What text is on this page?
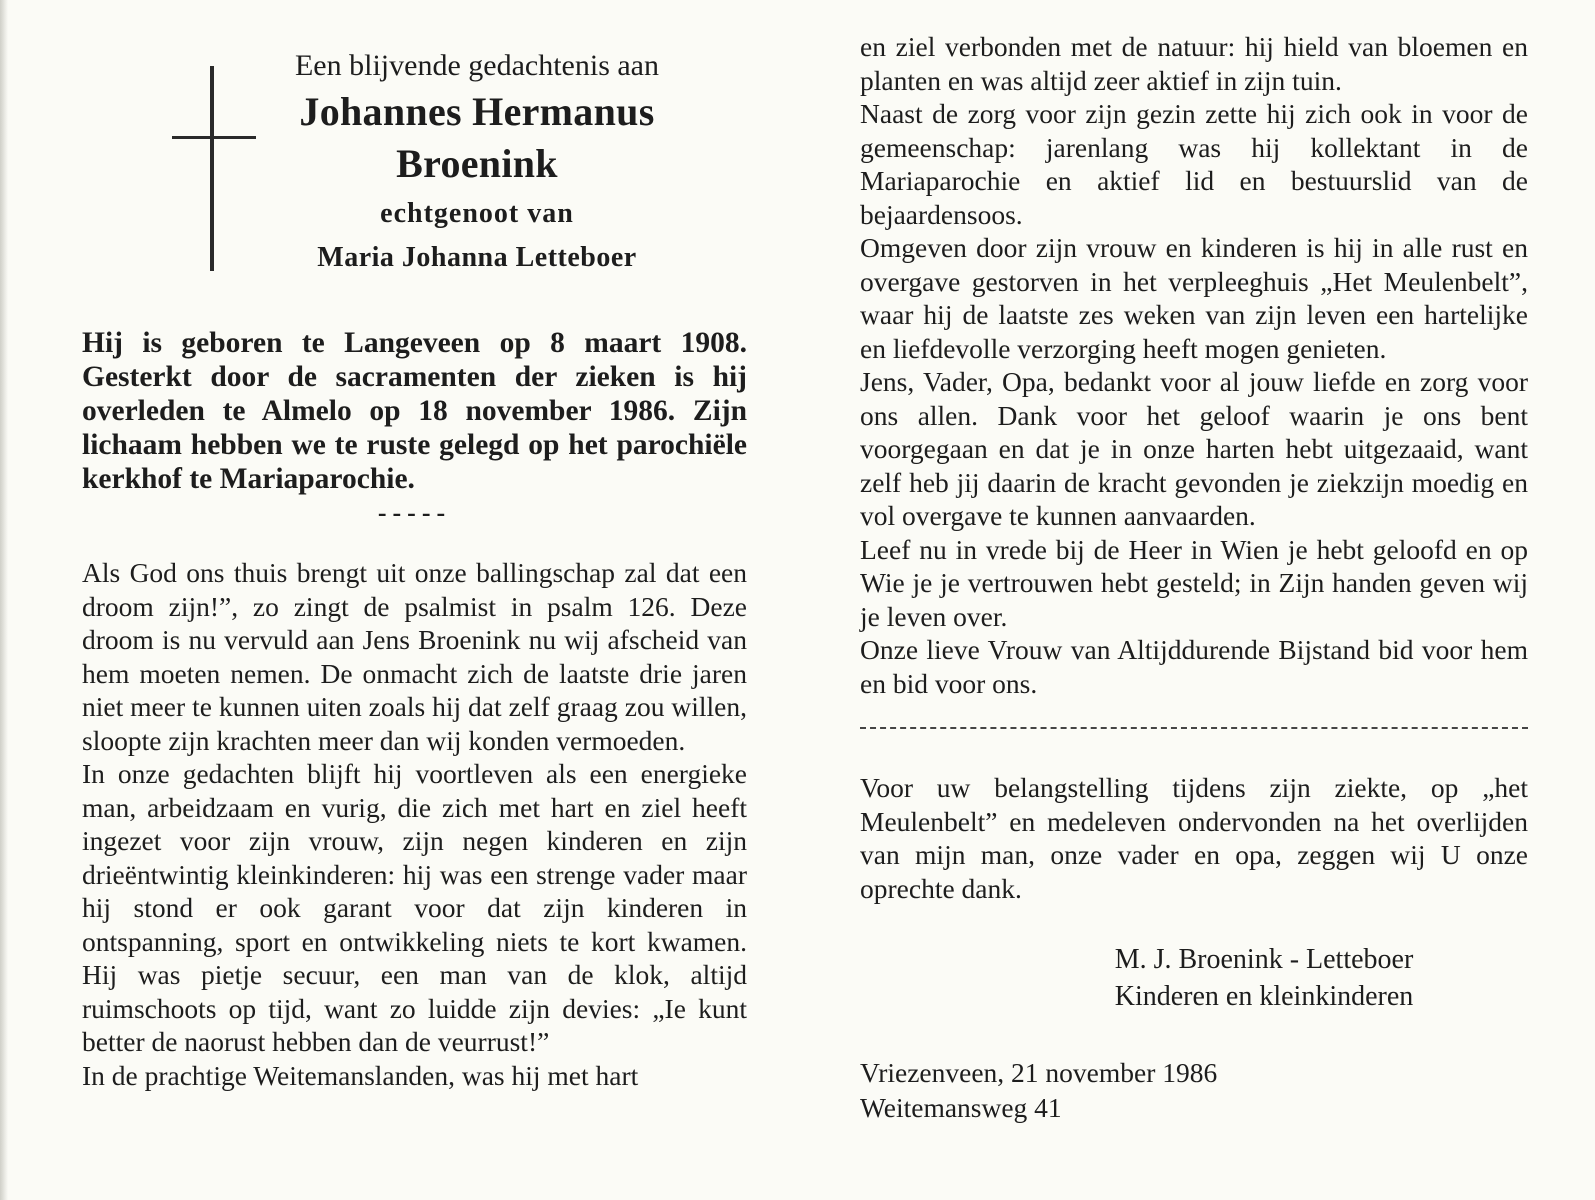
Een blijvende gedachtenis aan
Johannes Hermanus
Broenink
echtgenoot van
Maria Johanna Letteboer
Hij is geboren te Langeveen op 8 maart 1908. Gesterkt door de sacramenten der zieken is hij overleden te Almelo op 18 november 1986. Zijn lichaam hebben we te ruste gelegd op het parochiële kerkhof te Mariaparochie.
-----

Als God ons thuis brengt uit onze ballingschap zal dat een droom zijn!”, zo zingt de psalmist in psalm 126. Deze droom is nu vervuld aan Jens Broenink nu wij afscheid van hem moeten nemen. De onmacht zich de laatste drie jaren niet meer te kunnen uiten zoals hij dat zelf graag zou willen, sloopte zijn krachten meer dan wij konden vermoeden.

In onze gedachten blijft hij voortleven als een energieke man, arbeidzaam en vurig, die zich met hart en ziel heeft ingezet voor zijn vrouw, zijn negen kinderen en zijn drieëntwintig kleinkinderen: hij was een strenge vader maar hij stond er ook garant voor dat zijn kinderen in ontspanning, sport en ontwikkeling niets te kort kwamen. Hij was pietje secuur, een man van de klok, altijd ruimschoots op tijd, want zo luidde zijn devies: „Ie kunt better de naorust hebben dan de veurrust!”

In de prachtige Weitemanslanden, was hij met hart

en ziel verbonden met de natuur: hij hield van bloemen en planten en was altijd zeer aktief in zijn tuin.

Naast de zorg voor zijn gezin zette hij zich ook in voor de gemeenschap: jarenlang was hij kollektant in de Mariaparochie en aktief lid en bestuurslid van de bejaardensoos.

Omgeven door zijn vrouw en kinderen is hij in alle rust en overgave gestorven in het verpleeghuis „Het Meulenbelt”, waar hij de laatste zes weken van zijn leven een hartelijke en liefdevolle verzorging heeft mogen genieten.

Jens, Vader, Opa, bedankt voor al jouw liefde en zorg voor ons allen. Dank voor het geloof waarin je ons bent voorgegaan en dat je in onze harten hebt uitgezaaid, want zelf heb jij daarin de kracht gevonden je ziekzijn moedig en vol overgave te kunnen aanvaarden.

Leef nu in vrede bij de Heer in Wien je hebt geloofd en op Wie je je vertrouwen hebt gesteld; in Zijn handen geven wij je leven over.

Onze lieve Vrouw van Altijddurende Bijstand bid voor hem en bid voor ons.

Voor uw belangstelling tijdens zijn ziekte, op „het Meulenbelt” en medeleven ondervonden na het overlijden van mijn man, onze vader en opa, zeggen wij U onze oprechte dank.
M. J. Broenink - Letteboer
Kinderen en kleinkinderen
Vriezenveen, 21 november 1986
Weitemansweg 41
